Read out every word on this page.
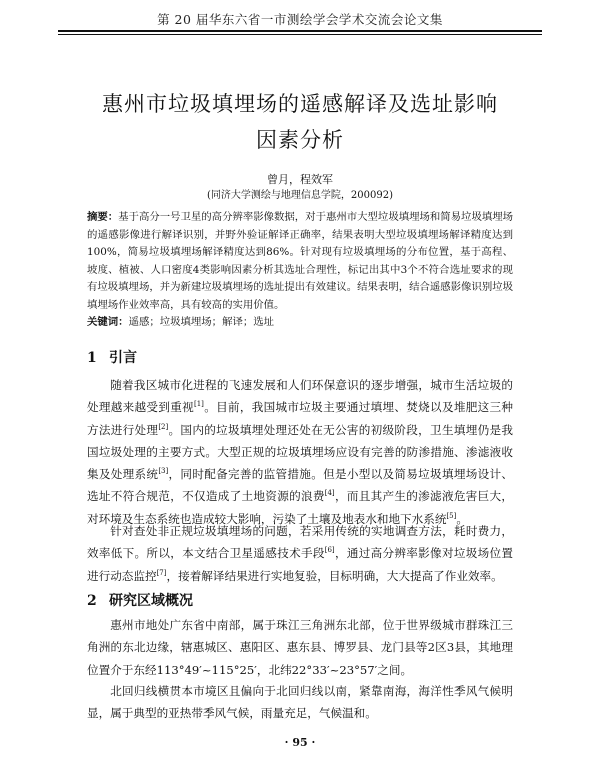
第 20 届华东六省一市测绘学会学术交流会论文集
惠州市垃圾填埋场的遥感解译及选址影响
因素分析
曾月，程效军
(同济大学测绘与地理信息学院，200092)

摘要：基于高分一号卫星的高分辨率影像数据，对于惠州市大型垃圾填埋场和简易垃圾填埋场的遥感影像进行解译识别，并野外验证解译正确率，结果表明大型垃圾填埋场解译精度达到100%，简易垃圾填埋场解译精度达到86%。针对现有垃圾填埋场的分布位置，基于高程、坡度、植被、人口密度4类影响因素分析其选址合理性，标记出其中3个不符合选址要求的现有垃圾填埋场，并为新建垃圾填埋场的选址提出有效建议。结果表明，结合遥感影像识别垃圾填埋场作业效率高，具有较高的实用价值。

关键词：遥感；垃圾填埋场；解译；选址

1 引言

随着我区城市化进程的飞速发展和人们环保意识的逐步增强，城市生活垃圾的处理越来越受到重视[1]。目前，我国城市垃圾主要通过填埋、焚烧以及堆肥这三种方法进行处理[2]。国内的垃圾填埋处理还处在无公害的初级阶段，卫生填埋仍是我国垃圾处理的主要方式。大型正规的垃圾填埋场应设有完善的防渗措施、渗滤液收集及处理系统[3]，同时配备完善的监管措施。但是小型以及简易垃圾填埋场设计、选址不符合规范，不仅造成了土地资源的浪费[4]，而且其产生的渗滤液危害巨大，对环境及生态系统也造成较大影响，污染了土壤及地表水和地下水系统[5]。

针对查处非正规垃圾填埋场的问题，若采用传统的实地调查方法，耗时费力，效率低下。所以，本文结合卫星遥感技术手段[6]，通过高分辨率影像对垃圾场位置进行动态监控[7]，接着解译结果进行实地复验，目标明确，大大提高了作业效率。

2 研究区域概况

惠州市地处广东省中南部，属于珠江三角洲东北部，位于世界级城市群珠江三角洲的东北边缘，辖惠城区、惠阳区、惠东县、博罗县、龙门县等2区3县，其地理位置介于东经113°49′~115°25′，北纬22°33′~23°57′之间。

北回归线横贯本市境区且偏向于北回归线以南，紧靠南海，海洋性季风气候明显，属于典型的亚热带季风气候，雨量充足，气候温和。

· 95 ·
